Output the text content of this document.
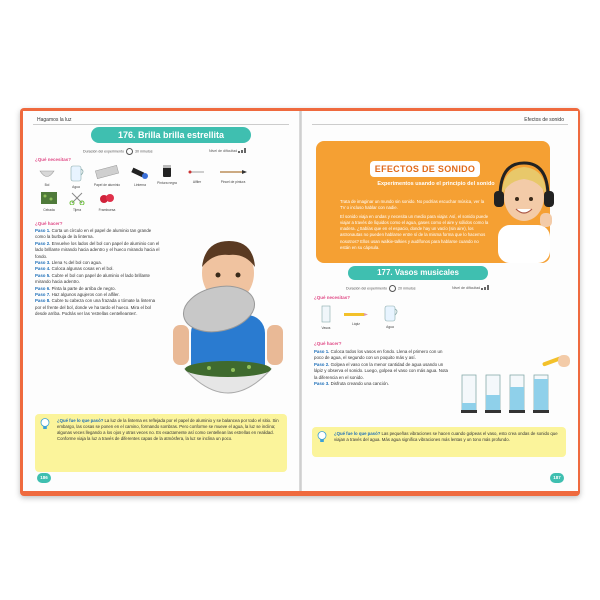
Hagamos la luz
176. Brilla brilla estrellita
Duración del experimento	30 minutos	Nivel de dificultad
¿Qué necesitas?
Bol	Agua	Papel de aluminio	Linterna	Pintura negra	Alfiler	Pincel de pintura
Cebada	Tijera	Frambuesa
¿Qué hacer?
Paso 1. Corta un círculo en el papel de aluminio tan grande como la burbuja de la linterna.
Paso 2. Envuelve los lados del bol con papel de aluminio con el lado brillante mirando hacia adentro y el hueco mirando hacia el fondo.
Paso 3. Llena ¾ del bol con agua.
Paso 4. Coloca algunas cosas en el bol.
Paso 5. Cubre el bol con papel de aluminio el lado brillante mirando hacia adentro.
Paso 6. Pinta la parte de arriba de negro.
Paso 7. Haz algunos agujeros con el alfiler.
Paso 8. Cubre tu cabeza con una frazada o tómate la linterna por el frente del bol, donde ve ha tardo el hueco. Mira el bol desde arriba. Podrás ver las 'estrellas centelleantes'.
¿Qué fue lo que pasó? La luz de la linterna es reflejada por el papel de aluminio y se balancea por todo el sitio. Sin embargo, las cosas se ponen en el camino, formando sombras. Pero conforme se mueve el agua, la luz se inclina; algunas veces llegando a los ojos y otras veces no. Es exactamente así como centellean las estrellas en realidad. Conforme viaja la luz a través de diferentes capas de la atmósfera, la luz se inclina un poco.
186
Efectos de sonido
EFECTOS DE SONIDO
Experimentos usando el principio del sonido
Trata de imaginar un mundo sin sonido. No podrías escuchar música, ver la TV o incluso hablar con nadie.
El sonido viaja en ondas y necesita un medio para viajar. Así, el sonido puede viajar a través de líquidos como el agua, gases como el aire y sólidos como la madera. ¿Sabías que en el espacio, donde hay un vacío (sin aire), los astronautas no pueden hablarse entre sí de la misma forma que lo hacemos nosotros? Ellos usan walkie-talkies y audífonos para hablarse cuando no están en su cápsula.
177. Vasos musicales
Duración del experimento	20 minutos	Nivel de dificultad
¿Qué necesitas?
Vasos
Lápiz
Agua
¿Qué hacer?
Paso 1. Coloca todos los vasos en fondo. Llena el primero con un poco de agua, el segundo con un poquito más y así.
Paso 2. Golpea el vaso con la menor cantidad de agua usando un lápiz y observa el sonido. Luego, golpea el vaso con más agua. Nota la diferencia en el sonido.
Paso 3. Disfruta creando una canción.
¿Qué fue lo que pasó? Las pequeñas vibraciones se hacen cuando golpeas el vaso, esto crea ondas de sonido que viajan a través del agua. Más agua significa vibraciones más lentas y un tono más profundo.
187
